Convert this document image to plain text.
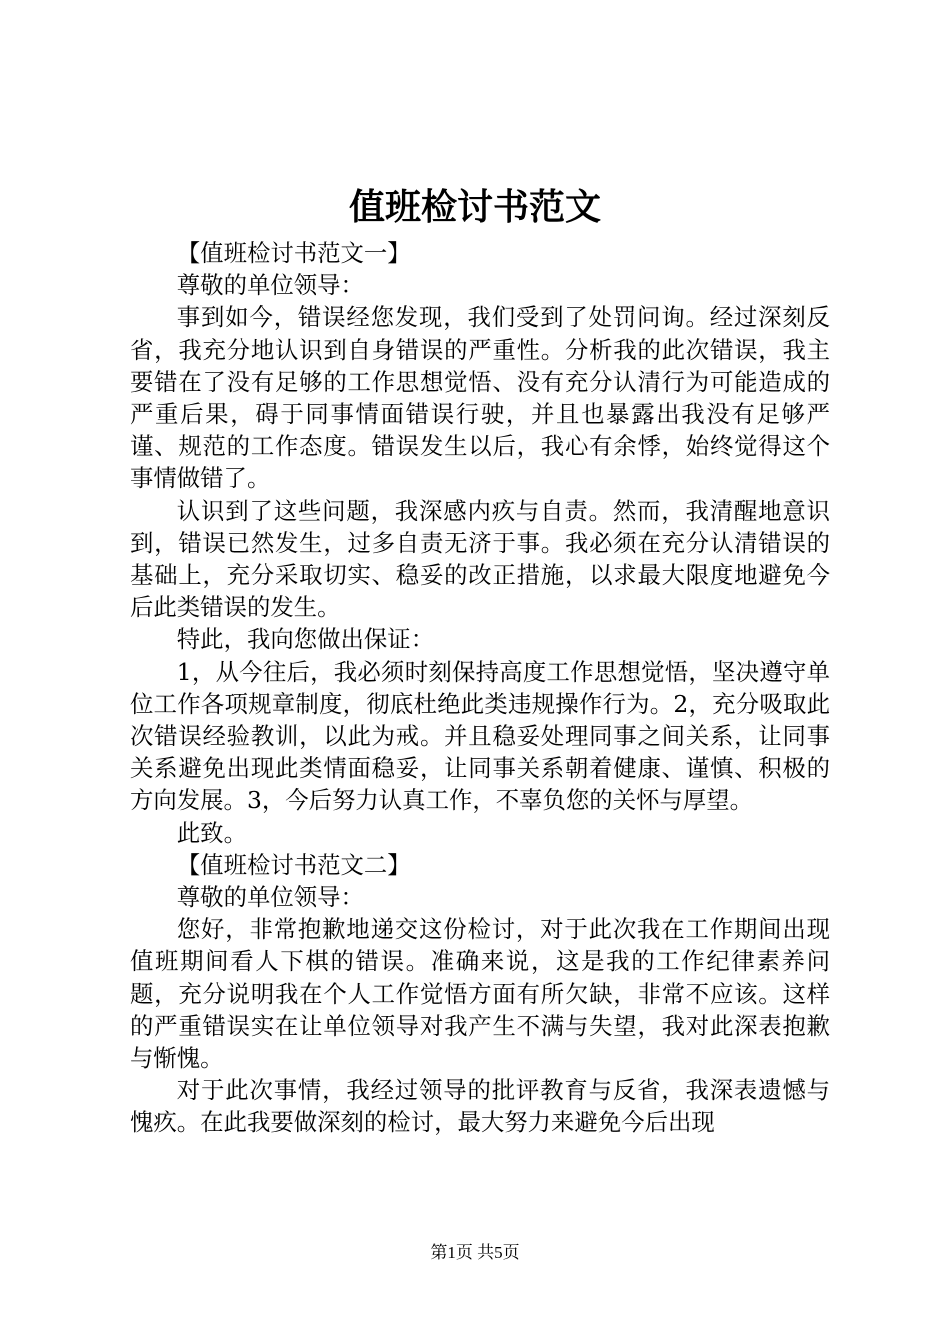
值班检讨书范文

【值班检讨书范文一】

尊敬的单位领导：

事到如今，错误经您发现，我们受到了处罚问询。经过深刻反省，我充分地认识到自身错误的严重性。分析我的此次错误，我主要错在了没有足够的工作思想觉悟、没有充分认清行为可能造成的严重后果，碍于同事情面错误行驶，并且也暴露出我没有足够严谨、规范的工作态度。错误发生以后，我心有余悸，始终觉得这个事情做错了。

认识到了这些问题，我深感内疚与自责。然而，我清醒地意识到，错误已然发生，过多自责无济于事。我必须在充分认清错误的基础上，充分采取切实、稳妥的改正措施，以求最大限度地避免今后此类错误的发生。

特此，我向您做出保证：

1，从今往后，我必须时刻保持高度工作思想觉悟，坚决遵守单位工作各项规章制度，彻底杜绝此类违规操作行为。2，充分吸取此次错误经验教训，以此为戒。并且稳妥处理同事之间关系，让同事关系避免出现此类情面稳妥，让同事关系朝着健康、谨慎、积极的方向发展。3，今后努力认真工作，不辜负您的关怀与厚望。

此致。

【值班检讨书范文二】

尊敬的单位领导：

您好，非常抱歉地递交这份检讨，对于此次我在工作期间出现值班期间看人下棋的错误。准确来说，这是我的工作纪律素养问题，充分说明我在个人工作觉悟方面有所欠缺，非常不应该。这样的严重错误实在让单位领导对我产生不满与失望，我对此深表抱歉与惭愧。

对于此次事情，我经过领导的批评教育与反省，我深表遗憾与愧疚。在此我要做深刻的检讨，最大努力来避免今后出现

第1页 共5页
